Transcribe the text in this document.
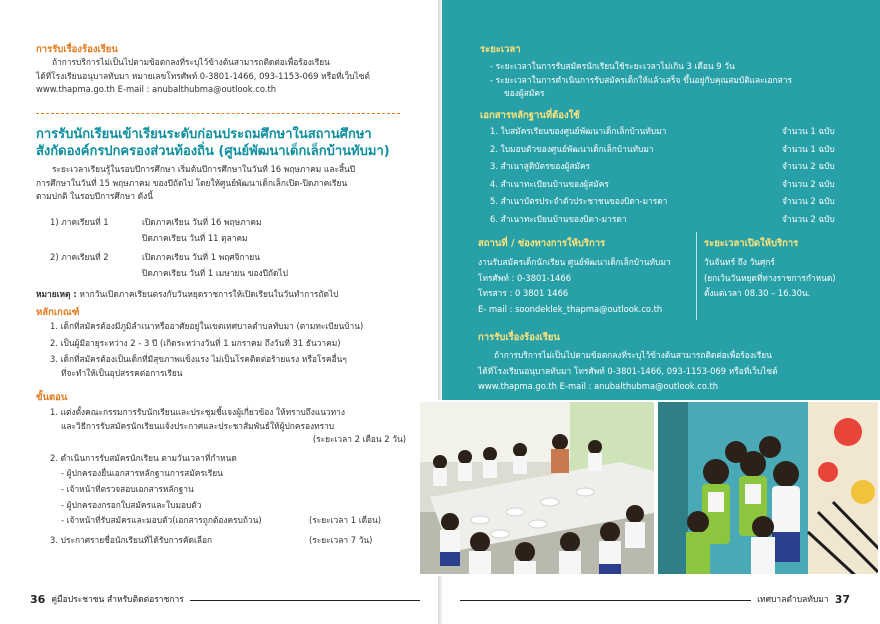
การรับเรื่องร้องเรียน
ถ้าการบริการไม่เป็นไปตามข้อตกลงที่ระบุไว้ข้างต้นสามารถติดต่อเพื่อร้องเรียน
ได้ที่โรงเรียนอนุบาลทับมา หมายเลขโทรศัพท์ 0-3801-1466, 093-1153-069 หรือที่เว็บไซต์
www.thapma.go.th E-mail : anubalthubma@outlook.co.th
การรับนักเรียนเข้าเรียนระดับก่อนประถมศึกษาในสถานศึกษา
สังกัดองค์กรปกครองส่วนท้องถิ่น (ศูนย์พัฒนาเด็กเล็กบ้านทับมา)
ระยะเวลาเรียนรู้ในรอบปีการศึกษา เริ่มต้นปีการศึกษาในวันที่ 16 พฤษภาคม และสิ้นปี
การศึกษาในวันที่ 15 พฤษภาคม ของปีถัดไป โดยให้ศูนย์พัฒนาเด็กเล็กเปิด-ปิดภาคเรียน
ตามปกติ ในรอบปีการศึกษา ดังนี้
1) ภาคเรียนที่ 1	เปิดภาคเรียน วันที่ 16 พฤษภาคม
ปิดภาคเรียน วันที่ 11 ตุลาคม
2) ภาคเรียนที่ 2	เปิดภาคเรียน วันที่ 1 พฤศจิกายน
ปิดภาคเรียน วันที่ 1 เมษายน ของปีถัดไป
หมายเหตุ : หากวันเปิดภาคเรียนตรงกับวันหยุดราชการให้เปิดเรียนในวันทำการถัดไป
หลักเกณฑ์
1. เด็กที่สมัครต้องมีภูมิลำเนาหรืออาศัยอยู่ในเขตเทศบาลตำบลทับมา (ตามทะเบียนบ้าน)
2. เป็นผู้มีอายุระหว่าง 2 - 3 ปี (เกิดระหว่างวันที่ 1 มกราคม ถึงวันที่ 31 ธันวาคม)
3. เด็กที่สมัครต้องเป็นเด็กที่มีสุขภาพแข็งแรง ไม่เป็นโรคติดต่อร้ายแรง หรือโรคอื่นๆ
ที่จะทำให้เป็นอุปสรรคต่อการเรียน
ขั้นตอน
1. แต่งตั้งคณะกรรมการรับนักเรียนและประชุมชี้แจงผู้เกี่ยวข้อง ให้ทราบถึงแนวทาง
และวิธีการรับสมัครนักเรียนแจ้งประกาศและประชาสัมพันธ์ให้ผู้ปกครองทราบ
(ระยะเวลา 2 เดือน 2 วัน)
2. ดำเนินการรับสมัครนักเรียน ตามวันเวลาที่กำหนด
- ผู้ปกครองยื่นเอกสารหลักฐานการสมัครเรียน
- เจ้าหน้าที่ตรวจสอบเอกสารหลักฐาน
- ผู้ปกครองกรอกใบสมัครและใบมอบตัว
- เจ้าหน้าที่รับสมัครและมอบตัว(เอกสารถูกต้องครบถ้วน)	(ระยะเวลา 1 เดือน)
3. ประกาศรายชื่อนักเรียนที่ได้รับการคัดเลือก	(ระยะเวลา 7 วัน)
36 คู่มือประชาชน สำหรับติดต่อราชการ
ระยะเวลา
- ระยะเวลาในการรับสมัครนักเรียนใช้ระยะเวลาไม่เกิน 3 เดือน 9 วัน
- ระยะเวลาในการดำเนินการรับสมัครเด็กให้แล้วเสร็จ ขึ้นอยู่กับคุณสมบัติและเอกสาร
ของผู้สมัคร
เอกสารหลักฐานที่ต้องใช้
1. ใบสมัครเรียนของศูนย์พัฒนาเด็กเล็กบ้านทับมา	จำนวน 1 ฉบับ
2. ใบมอบตัวของศูนย์พัฒนาเด็กเล็กบ้านทับมา	จำนวน 1 ฉบับ
3. สำเนาสูติบัตรของผู้สมัคร	จำนวน 2 ฉบับ
4. สำเนาทะเบียนบ้านของผู้สมัคร	จำนวน 2 ฉบับ
5. สำเนาบัตรประจำตัวประชาชนของบิดา-มารดา	จำนวน 2 ฉบับ
6. สำเนาทะเบียนบ้านของบิดา-มารดา	จำนวน 2 ฉบับ
สถานที่ / ช่องทางการให้บริการ
งานรับสมัครเด็กนักเรียน ศูนย์พัฒนาเด็กเล็กบ้านทับมา
โทรศัพท์ : 0-3801-1466
โทรสาร : 0 3801 1466
E- mail : soondeklek_thapma@outlook.co.th
ระยะเวลาเปิดให้บริการ
วันจันทร์ ถึง วันศุกร์
(ยกเว้นวันหยุดที่ทางราชการกำหนด)
ตั้งแต่เวลา 08.30 – 16.30น.
การรับเรื่องร้องเรียน
ถ้าการบริการไม่เป็นไปตามข้อตกลงที่ระบุไว้ข้างต้นสามารถติดต่อเพื่อร้องเรียน
ได้ที่โรงเรียนอนุบาลทับมา โทรศัพท์ 0-3801-1466, 093-1153-069 หรือที่เว็บไซต์
www.thapma.go.th E-mail : anubalthubma@outlook.co.th
เทศบาลตำบลทับมา 37
